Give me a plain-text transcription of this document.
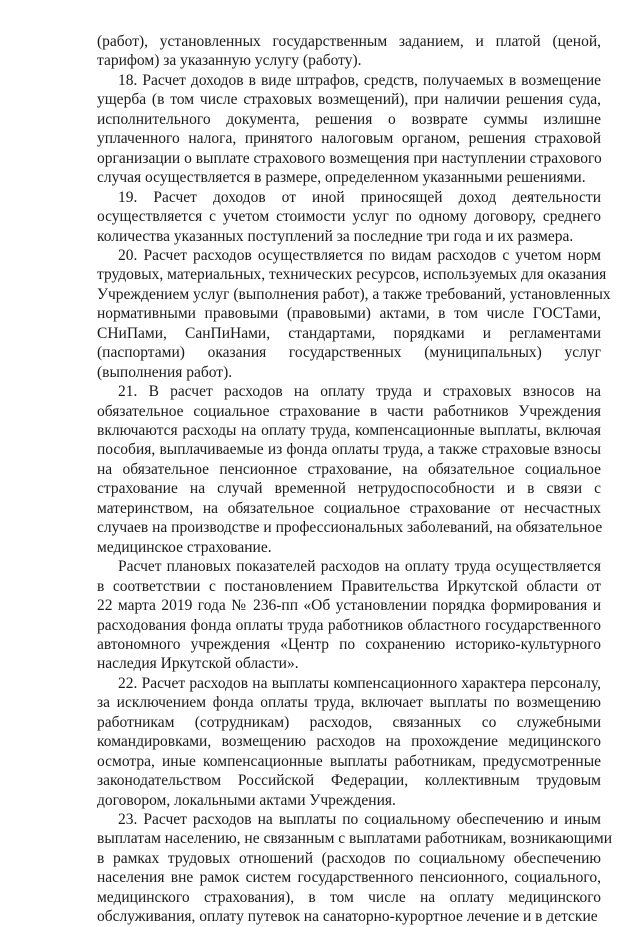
(работ), установленных государственным заданием, и платой (ценой,
тарифом) за указанную услугу (работу).
18. Расчет доходов в виде штрафов, средств, получаемых в возмещение
ущерба (в том числе страховых возмещений), при наличии решения суда,
исполнительного документа, решения о возврате суммы излишне
уплаченного налога, принятого налоговым органом, решения страховой
организации о выплате страхового возмещения при наступлении страхового
случая осуществляется в размере, определенном указанными решениями.
19. Расчет доходов от иной приносящей доход деятельности
осуществляется с учетом стоимости услуг по одному договору, среднего
количества указанных поступлений за последние три года и их размера.
20. Расчет расходов осуществляется по видам расходов с учетом норм
трудовых, материальных, технических ресурсов, используемых для оказания
Учреждением услуг (выполнения работ), а также требований, установленных
нормативными правовыми (правовыми) актами, в том числе ГОСТами,
СНиПами, СанПиНами, стандартами, порядками и регламентами
(паспортами) оказания государственных (муниципальных) услуг
(выполнения работ).
21. В расчет расходов на оплату труда и страховых взносов на
обязательное социальное страхование в части работников Учреждения
включаются расходы на оплату труда, компенсационные выплаты, включая
пособия, выплачиваемые из фонда оплаты труда, а также страховые взносы
на обязательное пенсионное страхование, на обязательное социальное
страхование на случай временной нетрудоспособности и в связи с
материнством, на обязательное социальное страхование от несчастных
случаев на производстве и профессиональных заболеваний, на обязательное
медицинское страхование.
Расчет плановых показателей расходов на оплату труда осуществляется
в соответствии с постановлением Правительства Иркутской области от
22 марта 2019 года № 236-пп «Об установлении порядка формирования и
расходования фонда оплаты труда работников областного государственного
автономного учреждения «Центр по сохранению историко-культурного
наследия Иркутской области».
22. Расчет расходов на выплаты компенсационного характера персоналу,
за исключением фонда оплаты труда, включает выплаты по возмещению
работникам (сотрудникам) расходов, связанных со служебными
командировками, возмещению расходов на прохождение медицинского
осмотра, иные компенсационные выплаты работникам, предусмотренные
законодательством Российской Федерации, коллективным трудовым
договором, локальными актами Учреждения.
23. Расчет расходов на выплаты по социальному обеспечению и иным
выплатам населению, не связанным с выплатами работникам, возникающими
в рамках трудовых отношений (расходов по социальному обеспечению
населения вне рамок систем государственного пенсионного, социального,
медицинского страхования), в том числе на оплату медицинского
обслуживания, оплату путевок на санаторно-курортное лечение и в детские
